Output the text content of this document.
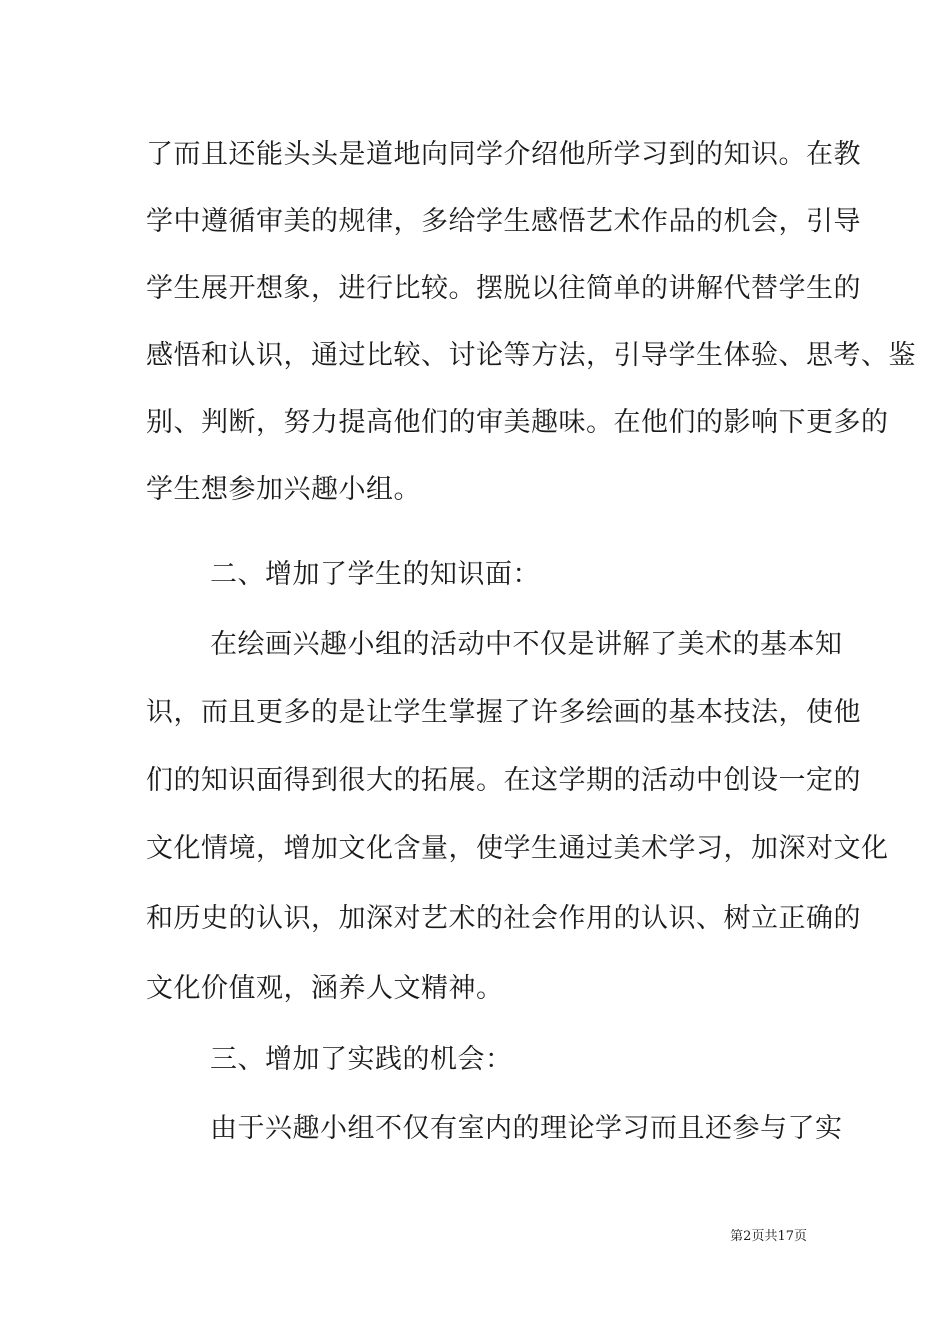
了而且还能头头是道地向同学介绍他所学习到的知识。在教
学中遵循审美的规律，多给学生感悟艺术作品的机会，引导
学生展开想象，进行比较。摆脱以往简单的讲解代替学生的
感悟和认识，通过比较、讨论等方法，引导学生体验、思考、鉴
别、判断，努力提高他们的审美趣味。在他们的影响下更多的
学生想参加兴趣小组。
二、增加了学生的知识面：
在绘画兴趣小组的活动中不仅是讲解了美术的基本知
识，而且更多的是让学生掌握了许多绘画的基本技法，使他
们的知识面得到很大的拓展。在这学期的活动中创设一定的
文化情境，增加文化含量，使学生通过美术学习，加深对文化
和历史的认识，加深对艺术的社会作用的认识、树立正确的
文化价值观，涵养人文精神。
三、增加了实践的机会：
由于兴趣小组不仅有室内的理论学习而且还参与了实
第2页共17页
